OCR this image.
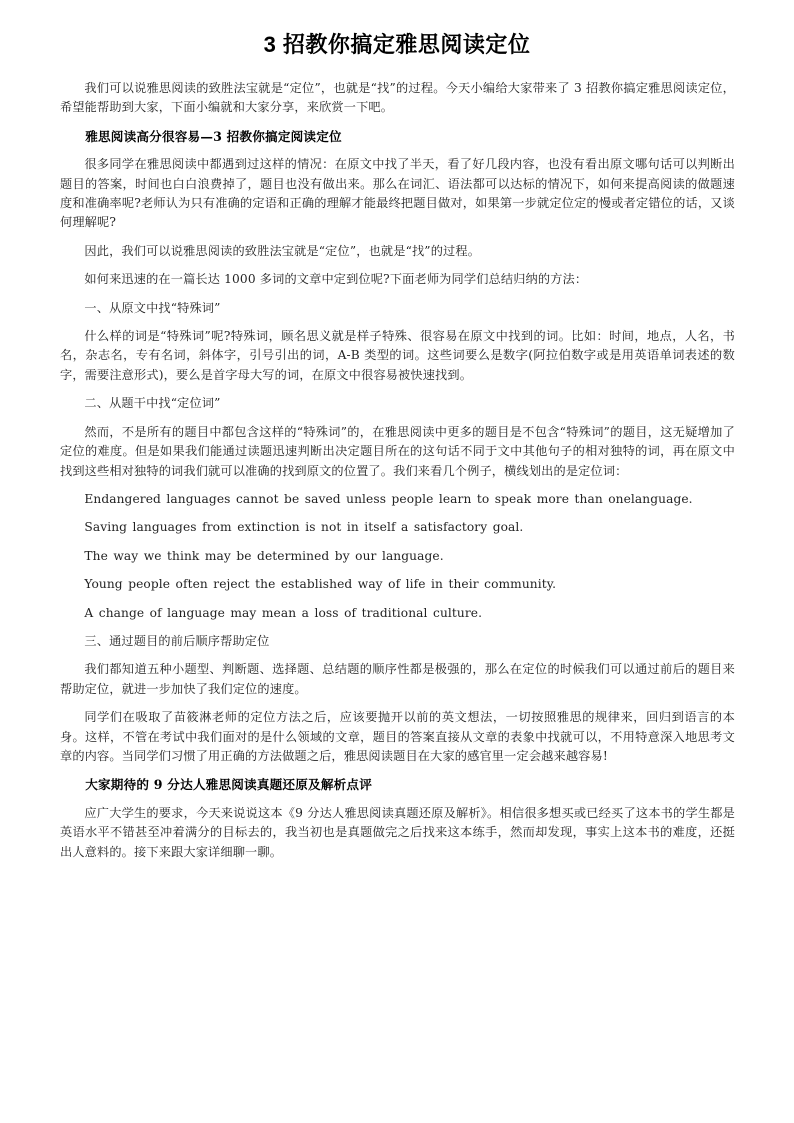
3 招教你搞定雅思阅读定位

我们可以说雅思阅读的致胜法宝就是“定位”，也就是“找”的过程。今天小编给大家带来了 3 招教你搞定雅思阅读定位，希望能帮助到大家，下面小编就和大家分享，来欣赏一下吧。

雅思阅读高分很容易—3 招教你搞定阅读定位

很多同学在雅思阅读中都遇到过这样的情况：在原文中找了半天，看了好几段内容，也没有看出原文哪句话可以判断出题目的答案，时间也白白浪费掉了，题目也没有做出来。那么在词汇、语法都可以达标的情况下，如何来提高阅读的做题速度和准确率呢?老师认为只有准确的定语和正确的理解才能最终把题目做对，如果第一步就定位定的慢或者定错位的话，又谈何理解呢?

因此，我们可以说雅思阅读的致胜法宝就是“定位”，也就是“找”的过程。

如何来迅速的在一篇长达 1000 多词的文章中定到位呢?下面老师为同学们总结归纳的方法：

一、从原文中找“特殊词”

什么样的词是“特殊词”呢?特殊词，顾名思义就是样子特殊、很容易在原文中找到的词。比如：时间，地点，人名，书名，杂志名，专有名词，斜体字，引号引出的词，A-B 类型的词。这些词要么是数字(阿拉伯数字或是用英语单词表述的数字，需要注意形式)，要么是首字母大写的词，在原文中很容易被快速找到。

二、从题干中找“定位词”

然而，不是所有的题目中都包含这样的“特殊词”的，在雅思阅读中更多的题目是不包含“特殊词”的题目，这无疑增加了定位的难度。但是如果我们能通过读题迅速判断出决定题目所在的这句话不同于文中其他句子的相对独特的词，再在原文中找到这些相对独特的词我们就可以准确的找到原文的位置了。我们来看几个例子，横线划出的是定位词：

Endangered languages cannot be saved unless people learn to speak more than onelanguage.

Saving languages from extinction is not in itself a satisfactory goal.

The way we think may be determined by our language.

Young people often reject the established way of life in their community.

A change of language may mean a loss of traditional culture.

三、通过题目的前后顺序帮助定位

我们都知道五种小题型、判断题、选择题、总结题的顺序性都是极强的，那么在定位的时候我们可以通过前后的题目来帮助定位，就进一步加快了我们定位的速度。

同学们在吸取了苗筱淋老师的定位方法之后，应该要抛开以前的英文想法，一切按照雅思的规律来，回归到语言的本身。这样，不管在考试中我们面对的是什么领域的文章，题目的答案直接从文章的表象中找就可以，不用特意深入地思考文章的内容。当同学们习惯了用正确的方法做题之后，雅思阅读题目在大家的感官里一定会越来越容易!

大家期待的 9 分达人雅思阅读真题还原及解析点评

应广大学生的要求，今天来说说这本《9 分达人雅思阅读真题还原及解析》。相信很多想买或已经买了这本书的学生都是英语水平不错甚至冲着满分的目标去的，我当初也是真题做完之后找来这本练手，然而却发现，事实上这本书的难度，还挺出人意料的。接下来跟大家详细聊一聊。
